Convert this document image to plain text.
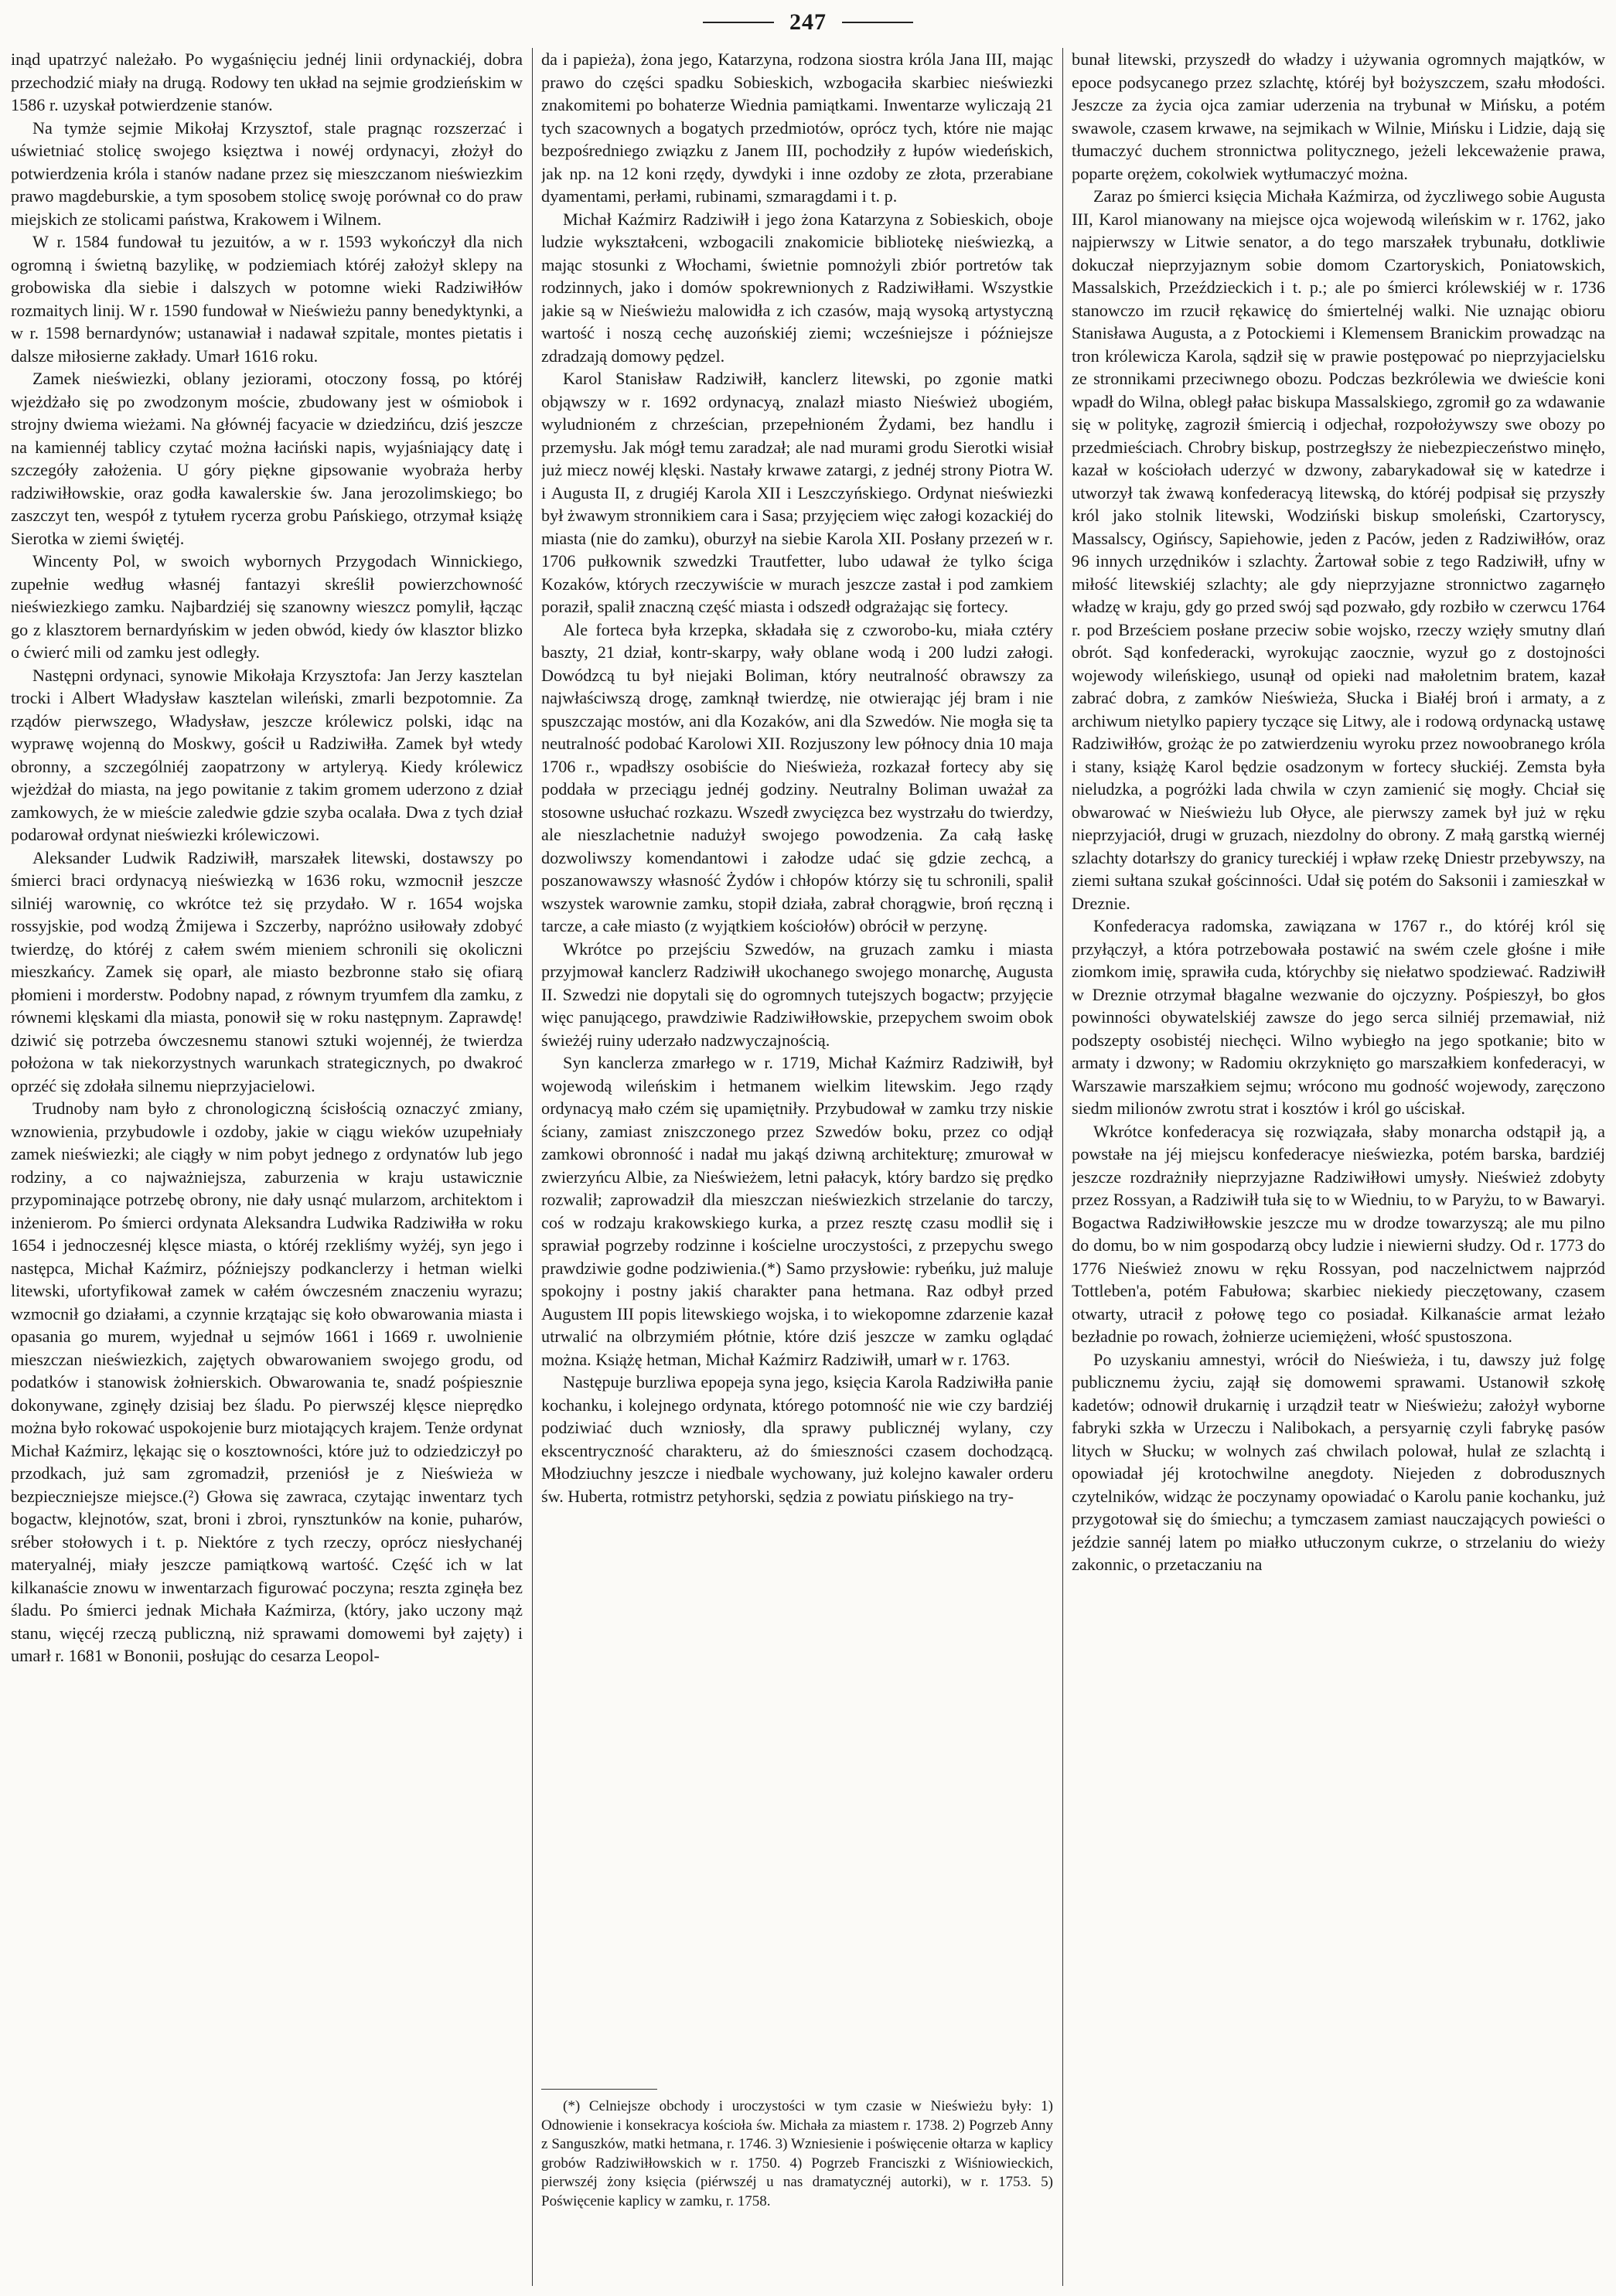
247

inąd upatrzyć należało. Po wygaśnięciu jednéj linii ordynackiéj, dobra przechodzić miały na drugą. Rodowy ten układ na sejmie grodzieńskim w 1586 r. uzyskał potwierdzenie stanów.

Na tymże sejmie Mikołaj Krzysztof, stale pragnąc rozszerzać i uświetniać stolicę swojego księztwa i nowéj ordynacyi, złożył do potwierdzenia króla i stanów nadane przez się mieszczanom nieświezkim prawo magdeburskie, a tym sposobem stolicę swoję porównał co do praw miejskich ze stolicami państwa, Krakowem i Wilnem.

W r. 1584 fundował tu jezuitów, a w r. 1593 wykończył dla nich ogromną i świetną bazylikę, w podziemiach któréj założył sklepy na grobowiska dla siebie i dalszych w potomne wieki Radziwiłłów rozmaitych linij. W r. 1590 fundował w Nieświeżu panny benedyktynki, a w r. 1598 bernardynów; ustanawiał i nadawał szpitale, montes pietatis i dalsze miłosierne zakłady. Umarł 1616 roku.

Zamek nieświezki, oblany jeziorami, otoczony fossą, po któréj wjeżdżało się po zwodzonym moście, zbudowany jest w ośmiobok i strojny dwiema wieżami. Na głównéj facyacie w dziedzińcu, dziś jeszcze na kamiennéj tablicy czytać można łaciński napis, wyjaśniający datę i szczegóły założenia. U góry piękne gipsowanie wyobraża herby radziwiłłowskie, oraz godła kawalerskie św. Jana jerozolimskiego; bo zaszczyt ten, wespół z tytułem rycerza grobu Pańskiego, otrzymał książę Sierotka w ziemi świętéj.

Wincenty Pol, w swoich wybornych Przygodach Winnickiego, zupełnie według własnéj fantazyi skreślił powierzchowność nieświezkiego zamku. Najbardziéj się szanowny wieszcz pomylił, łącząc go z klasztorem bernardyńskim w jeden obwód, kiedy ów klasztor blizko o ćwierć mili od zamku jest odległy.

Następni ordynaci, synowie Mikołaja Krzysztofa: Jan Jerzy kasztelan trocki i Albert Władysław kasztelan wileński, zmarli bezpotomnie. Za rządów pierwszego, Władysław, jeszcze królewicz polski, idąc na wyprawę wojenną do Moskwy, gościł u Radziwiłła. Zamek był wtedy obronny, a szczególniéj zaopatrzony w artyleryą. Kiedy królewicz wjeżdżał do miasta, na jego powitanie z takim gromem uderzono z dział zamkowych, że w mieście zaledwie gdzie szyba ocalała. Dwa z tych dział podarował ordynat nieświezki królewiczowi.

Aleksander Ludwik Radziwiłł, marszałek litewski, dostawszy po śmierci braci ordynacyą nieświezką w 1636 roku, wzmocnił jeszcze silniéj warownię, co wkrótce też się przydało. W r. 1654 wojska rossyjskie, pod wodzą Żmijewa i Szczerby, napróżno usiłowały zdobyć twierdzę, do któréj z całem swém mieniem schronili się okoliczni mieszkańcy. Zamek się oparł, ale miasto bezbronne stało się ofiarą płomieni i morderstw. Podobny napad, z równym tryumfem dla zamku, z równemi klęskami dla miasta, ponowił się w roku następnym. Zaprawdę! dziwić się potrzeba ówczesnemu stanowi sztuki wojennéj, że twierdza położona w tak niekorzystnych warunkach strategicznych, po dwakroć oprzéć się zdołała silnemu nieprzyjacielowi.

Trudnoby nam było z chronologiczną ścisłością oznaczyć zmiany, wznowienia, przybudowle i ozdoby, jakie w ciągu wieków uzupełniały zamek nieświezki; ale ciągły w nim pobyt jednego z ordynatów lub jego rodziny, a co najważniejsza, zaburzenia w kraju ustawicznie przypominające potrzebę obrony, nie dały usnąć mularzom, architektom i inżenierom. Po śmierci ordynata Aleksandra Ludwika Radziwiłła w roku 1654 i jednoczesnéj klęsce miasta, o któréj rzekliśmy wyżéj, syn jego i następca, Michał Kaźmirz, późniejszy podkanclerzy i hetman wielki litewski, ufortyfikował zamek w całém ówczesném znaczeniu wyrazu; wzmocnił go działami, a czynnie krzątając się koło obwarowania miasta i opasania go murem, wyjednał u sejmów 1661 i 1669 r. uwolnienie mieszczan nieświezkich, zajętych obwarowaniem swojego grodu, od podatków i stanowisk żołnierskich. Obwarowania te, snadź pośpiesznie dokonywane, zginęły dzisiaj bez śladu. Po pierwszéj klęsce nieprędko można było rokować uspokojenie burz miotających krajem. Tenże ordynat Michał Kaźmirz, lękając się o kosztowności, które już to odziedziczył po przodkach, już sam zgromadził, przeniósł je z Nieświeża w bezpieczniejsze miejsce.(²) Głowa się zawraca, czytając inwentarz tych bogactw, klejnotów, szat, broni i zbroi, rynsztunków na konie, puharów, sréber stołowych i t. p. Niektóre z tych rzeczy, oprócz niesłychanéj materyalnéj, miały jeszcze pamiątkową wartość. Część ich w lat kilkanaście znowu w inwentarzach figurować poczyna; reszta zginęła bez śladu. Po śmierci jednak Michała Kaźmirza, (który, jako uczony mąż stanu, więcéj rzeczą publiczną, niż sprawami domowemi był zajęty) i umarł r. 1681 w Bononii, posłując do cesarza Leopol-

da i papieża), żona jego, Katarzyna, rodzona siostra króla Jana III, mając prawo do części spadku Sobieskich, wzbogaciła skarbiec nieświezki znakomitemi po bohaterze Wiednia pamiątkami. Inwentarze wyliczają 21 tych szacownych a bogatych przedmiotów, oprócz tych, które nie mając bezpośredniego związku z Janem III, pochodziły z łupów wiedeńskich, jak np. na 12 koni rzędy, dywdyki i inne ozdoby ze złota, przerabiane dyamentami, perłami, rubinami, szmaragdami i t. p.

Michał Kaźmirz Radziwiłł i jego żona Katarzyna z Sobieskich, oboje ludzie wykształceni, wzbogacili znakomicie bibliotekę nieświezką, a mając stosunki z Włochami, świetnie pomnożyli zbiór portretów tak rodzinnych, jako i domów spokrewnionych z Radziwiłłami. Wszystkie jakie są w Nieświeżu malowidła z ich czasów, mają wysoką artystyczną wartość i noszą cechę auzońskiéj ziemi; wcześniejsze i późniejsze zdradzają domowy pędzel.

Karol Stanisław Radziwiłł, kanclerz litewski, po zgonie matki objąwszy w r. 1692 ordynacyą, znalazł miasto Nieśwież ubogiém, wyludnioném z chrześcian, przepełnioném Żydami, bez handlu i przemysłu. Jak mógł temu zaradzał; ale nad murami grodu Sierotki wisiał już miecz nowéj klęski. Nastały krwawe zatargi, z jednéj strony Piotra W. i Augusta II, z drugiéj Karola XII i Leszczyńskiego. Ordynat nieświezki był żwawym stronnikiem cara i Sasa; przyjęciem więc załogi kozackiéj do miasta (nie do zamku), oburzył na siebie Karola XII. Posłany przezeń w r. 1706 pułkownik szwedzki Trautfetter, lubo udawał że tylko ściga Kozaków, których rzeczywiście w murach jeszcze zastał i pod zamkiem poraził, spalił znaczną część miasta i odszedł odgrażając się fortecy.

Ale forteca była krzepka, składała się z czworobo-ku, miała cztéry baszty, 21 dział, kontr-skarpy, wały oblane wodą i 200 ludzi załogi. Dowódzcą tu był niejaki Boliman, który neutralność obrawszy za najwłaściwszą drogę, zamknął twierdzę, nie otwierając jéj bram i nie spuszczając mostów, ani dla Kozaków, ani dla Szwedów. Nie mogła się ta neutralność podobać Karolowi XII. Rozjuszony lew północy dnia 10 maja 1706 r., wpadłszy osobiście do Nieświeża, rozkazał fortecy aby się poddała w przeciągu jednéj godziny. Neutralny Boliman uważał za stosowne usłuchać rozkazu. Wszedł zwycięzca bez wystrzału do twierdzy, ale nieszlachetnie nadużył swojego powodzenia. Za całą łaskę dozwoliwszy komendantowi i załodze udać się gdzie zechcą, a poszanowawszy własność Żydów i chłopów którzy się tu schronili, spalił wszystek warownie zamku, stopił działa, zabrał chorągwie, broń ręczną i tarcze, a całe miasto (z wyjątkiem kościołów) obrócił w perzynę.

Wkrótce po przejściu Szwedów, na gruzach zamku i miasta przyjmował kanclerz Radziwiłł ukochanego swojego monarchę, Augusta II. Szwedzi nie dopytali się do ogromnych tutejszych bogactw; przyjęcie więc panującego, prawdziwie Radziwiłłowskie, przepychem swoim obok świeżéj ruiny uderzało nadzwyczajnością.

Syn kanclerza zmarłego w r. 1719, Michał Kaźmirz Radziwiłł, był wojewodą wileńskim i hetmanem wielkim litewskim. Jego rządy ordynacyą mało czém się upamiętniły. Przybudował w zamku trzy niskie ściany, zamiast zniszczonego przez Szwedów boku, przez co odjął zamkowi obronność i nadał mu jakąś dziwną architekturę; zmurował w zwierzyńcu Albie, za Nieświeżem, letni pałacyk, który bardzo się prędko rozwalił; zaprowadził dla mieszczan nieświezkich strzelanie do tarczy, coś w rodzaju krakowskiego kurka, a przez resztę czasu modlił się i sprawiał pogrzeby rodzinne i kościelne uroczystości, z przepychu swego prawdziwie godne podziwienia.(*) Samo przysłowie: rybeńku, już maluje spokojny i postny jakiś charakter pana hetmana. Raz odbył przed Augustem III popis litewskiego wojska, i to wiekopomne zdarzenie kazał utrwalić na olbrzymiém płótnie, które dziś jeszcze w zamku oglądać można. Książę hetman, Michał Kaźmirz Radziwiłł, umarł w r. 1763.

Następuje burzliwa epopeja syna jego, księcia Karola Radziwiłła panie kochanku, i kolejnego ordynata, którego potomność nie wie czy bardziéj podziwiać duch wzniosły, dla sprawy publicznéj wylany, czy ekscentryczność charakteru, aż do śmieszności czasem dochodzącą. Młodziuchny jeszcze i niedbale wychowany, już kolejno kawaler orderu św. Huberta, rotmistrz petyhorski, sędzia z powiatu pińskiego na try-

(*) Celniejsze obchody i uroczystości w tym czasie w Nieświeżu były: 1) Odnowienie i konsekracya kościoła św. Michała za miastem r. 1738. 2) Pogrzeb Anny z Sanguszków, matki hetmana, r. 1746. 3) Wzniesienie i poświęcenie ołtarza w kaplicy grobów Radziwiłłowskich w r. 1750. 4) Pogrzeb Franciszki z Wiśniowieckich, pierwszéj żony księcia (piérwszéj u nas dramatycznéj autorki), w r. 1753. 5) Poświęcenie kaplicy w zamku, r. 1758.

bunał litewski, przyszedł do władzy i używania ogromnych majątków, w epoce podsycanego przez szlachtę, któréj był bożyszczem, szału młodości. Jeszcze za życia ojca zamiar uderzenia na trybunał w Mińsku, a potém swawole, czasem krwawe, na sejmikach w Wilnie, Mińsku i Lidzie, dają się tłumaczyć duchem stronnictwa politycznego, jeżeli lekceważenie prawa, poparte orężem, cokolwiek wytłumaczyć można.

Zaraz po śmierci księcia Michała Kaźmirza, od życzliwego sobie Augusta III, Karol mianowany na miejsce ojca wojewodą wileńskim w r. 1762, jako najpierwszy w Litwie senator, a do tego marszałek trybunału, dotkliwie dokuczał nieprzyjaznym sobie domom Czartoryskich, Poniatowskich, Massalskich, Przeździeckich i t. p.; ale po śmierci królewskiéj w r. 1736 stanowczo im rzucił rękawicę do śmiertelnéj walki. Nie uznając obioru Stanisława Augusta, a z Potockiemi i Klemensem Branickim prowadząc na tron królewicza Karola, sądził się w prawie postępować po nieprzyjacielsku ze stronnikami przeciwnego obozu. Podczas bezkrólewia we dwieście koni wpadł do Wilna, obległ pałac biskupa Massalskiego, zgromił go za wdawanie się w politykę, zagroził śmiercią i odjechał, rozpołożywszy swe obozy po przedmieściach. Chrobry biskup, postrzegłszy że niebezpieczeństwo minęło, kazał w kościołach uderzyć w dzwony, zabarykadował się w katedrze i utworzył tak żwawą konfederacyą litewską, do któréj podpisał się przyszły król jako stolnik litewski, Wodziński biskup smoleński, Czartoryscy, Massalscy, Ogińscy, Sapiehowie, jeden z Paców, jeden z Radziwiłłów, oraz 96 innych urzędników i szlachty. Żartował sobie z tego Radziwiłł, ufny w miłość litewskiéj szlachty; ale gdy nieprzyjazne stronnictwo zagarnęło władzę w kraju, gdy go przed swój sąd pozwało, gdy rozbiło w czerwcu 1764 r. pod Brześciem posłane przeciw sobie wojsko, rzeczy wzięły smutny dlań obrót. Sąd konfederacki, wyrokując zaocznie, wyzuł go z dostojności wojewody wileńskiego, usunął od opieki nad małoletnim bratem, kazał zabrać dobra, z zamków Nieświeża, Słucka i Białéj broń i armaty, a z archiwum nietylko papiery tyczące się Litwy, ale i rodową ordynacką ustawę Radziwiłłów, grożąc że po zatwierdzeniu wyroku przez nowoobranego króla i stany, książę Karol będzie osadzonym w fortecy słuckiéj. Zemsta była nieludzka, a pogróżki lada chwila w czyn zamienić się mogły. Chciał się obwarować w Nieświeżu lub Ołyce, ale pierwszy zamek był już w ręku nieprzyjaciół, drugi w gruzach, niezdolny do obrony. Z małą garstką wiernéj szlachty dotarłszy do granicy tureckiéj i wpław rzekę Dniestr przebywszy, na ziemi sułtana szukał gościnności. Udał się potém do Saksonii i zamieszkał w Dreznie.

Konfederacya radomska, zawiązana w 1767 r., do któréj król się przyłączył, a która potrzebowała postawić na swém czele głośne i miłe ziomkom imię, sprawiła cuda, którychby się niełatwo spodziewać. Radziwiłł w Dreznie otrzymał błagalne wezwanie do ojczyzny. Pośpieszył, bo głos powinności obywatelskiéj zawsze do jego serca silniéj przemawiał, niż podszepty osobistéj niechęci. Wilno wybiegło na jego spotkanie; bito w armaty i dzwony; w Radomiu okrzyknięto go marszałkiem konfederacyi, w Warszawie marszałkiem sejmu; wrócono mu godność wojewody, zaręczono siedm milionów zwrotu strat i kosztów i król go uściskał.

Wkrótce konfederacya się rozwiązała, słaby monarcha odstąpił ją, a powstałe na jéj miejscu konfederacye nieświezka, potém barska, bardziéj jeszcze rozdrażniły nieprzyjazne Radziwiłłowi umysły. Nieśwież zdobyty przez Rossyan, a Radziwiłł tuła się to w Wiedniu, to w Paryżu, to w Bawaryi. Bogactwa Radziwiłłowskie jeszcze mu w drodze towarzyszą; ale mu pilno do domu, bo w nim gospodarzą obcy ludzie i niewierni słudzy. Od r. 1773 do 1776 Nieśwież znowu w ręku Rossyan, pod naczelnictwem najprzód Tottleben'a, potém Fabułowa; skarbiec niekiedy pieczętowany, czasem otwarty, utracił z połowę tego co posiadał. Kilkanaście armat leżało bezładnie po rowach, żołnierze uciemiężeni, włość spustoszona.

Po uzyskaniu amnestyi, wrócił do Nieświeża, i tu, dawszy już folgę publicznemu życiu, zajął się domowemi sprawami. Ustanowił szkołę kadetów; odnowił drukarnię i urządził teatr w Nieświeżu; założył wyborne fabryki szkła w Urzeczu i Nalibokach, a persyarnię czyli fabrykę pasów litych w Słucku; w wolnych zaś chwilach polował, hulał ze szlachtą i opowiadał jéj krotochwilne anegdoty. Niejeden z dobrodusznych czytelników, widząc że poczynamy opowiadać o Karolu panie kochanku, już przygotował się do śmiechu; a tymczasem zamiast nauczających powieści o jeździe sannéj latem po miałko utłuczonym cukrze, o strzelaniu do wieży zakonnic, o przetaczaniu na
